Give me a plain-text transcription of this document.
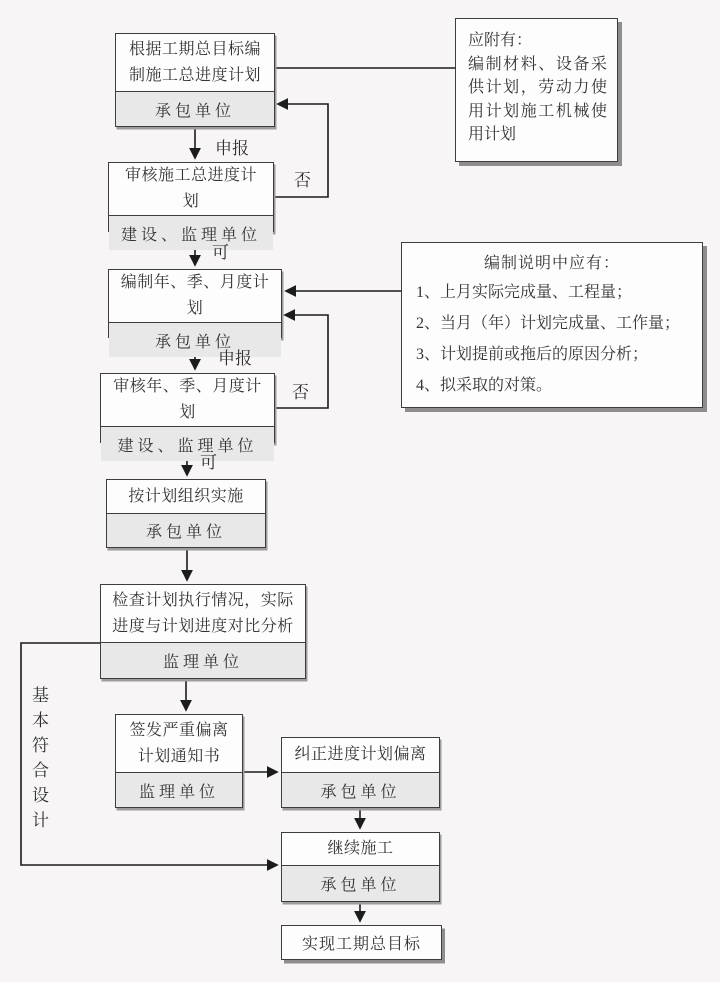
根据工期总目标编制施工总进度计划
承包单位
审核施工总进度计划
建设、监理单位
编制年、季、月度计划
承包单位
审核年、季、月度计划
建设、监理单位
按计划组织实施
承包单位
检查计划执行情况，实际进度与计划进度对比分析
监理单位
签发严重偏离计划通知书
监理单位
纠正进度计划偏离
承包单位
继续施工
承包单位
实现工期总目标
应附有：
编制材料、设备采供计划，劳动力使用计划施工机械使用计划
编制说明中应有：
1、上月实际完成量、工程量；
2、当月（年）计划完成量、工作量；
3、计划提前或拖后的原因分析；
4、拟采取的对策。
申报
否
可
申报
否
可
基本符合设计
